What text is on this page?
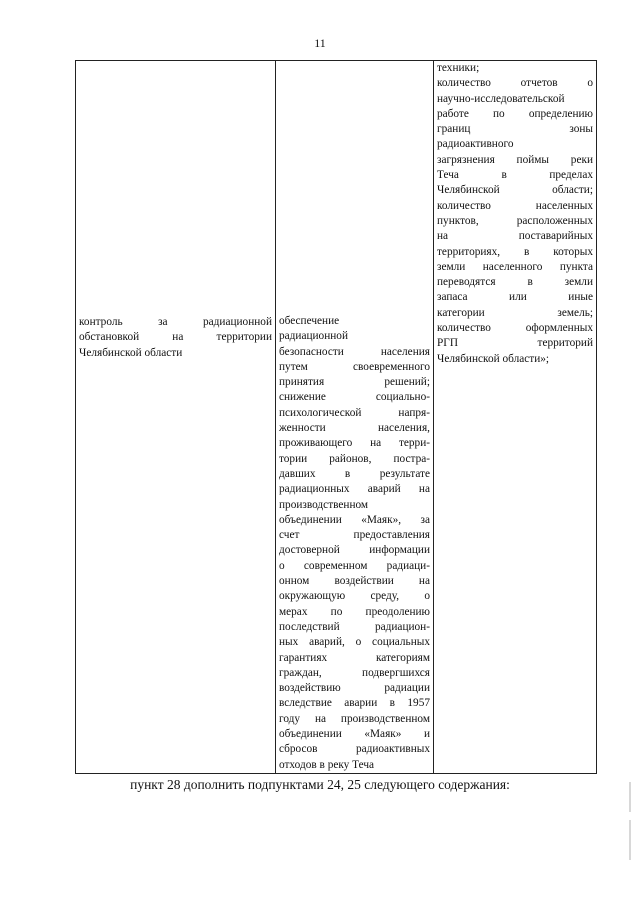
11
контроль за радиационной
обстановкой на территории
Челябинской области

обеспечение
радиационной
безопасности населения
путем своевременного
принятия решений;
снижение социально-
психологической напря-
женности населения,
проживающего на терри-
тории районов, постра-
давших в результате
радиационных аварий на
производственном
объединении «Маяк», за
счет предоставления
достоверной информации
о современном радиаци-
онном воздействии на
окружающую среду, о
мерах по преодолению
последствий радиацион-
ных аварий, о социальных
гарантиях категориям
граждан, подвергшихся
воздействию радиации
вследствие аварии в 1957
году на производственном
объединении «Маяк» и
сбросов радиоактивных
отходов в реку Теча

техники;
количество отчетов о
научно-исследовательской
работе по определению
границ зоны
радиоактивного
загрязнения поймы реки
Теча в пределах
Челябинской области;
количество населенных
пунктов, расположенных
на поставарийных
территориях, в которых
земли населенного пункта
переводятся в земли
запаса или иные
категории земель;
количество оформленных
РГП территорий
Челябинской области»;
пункт 28 дополнить подпунктами 24, 25 следующего содержания:
